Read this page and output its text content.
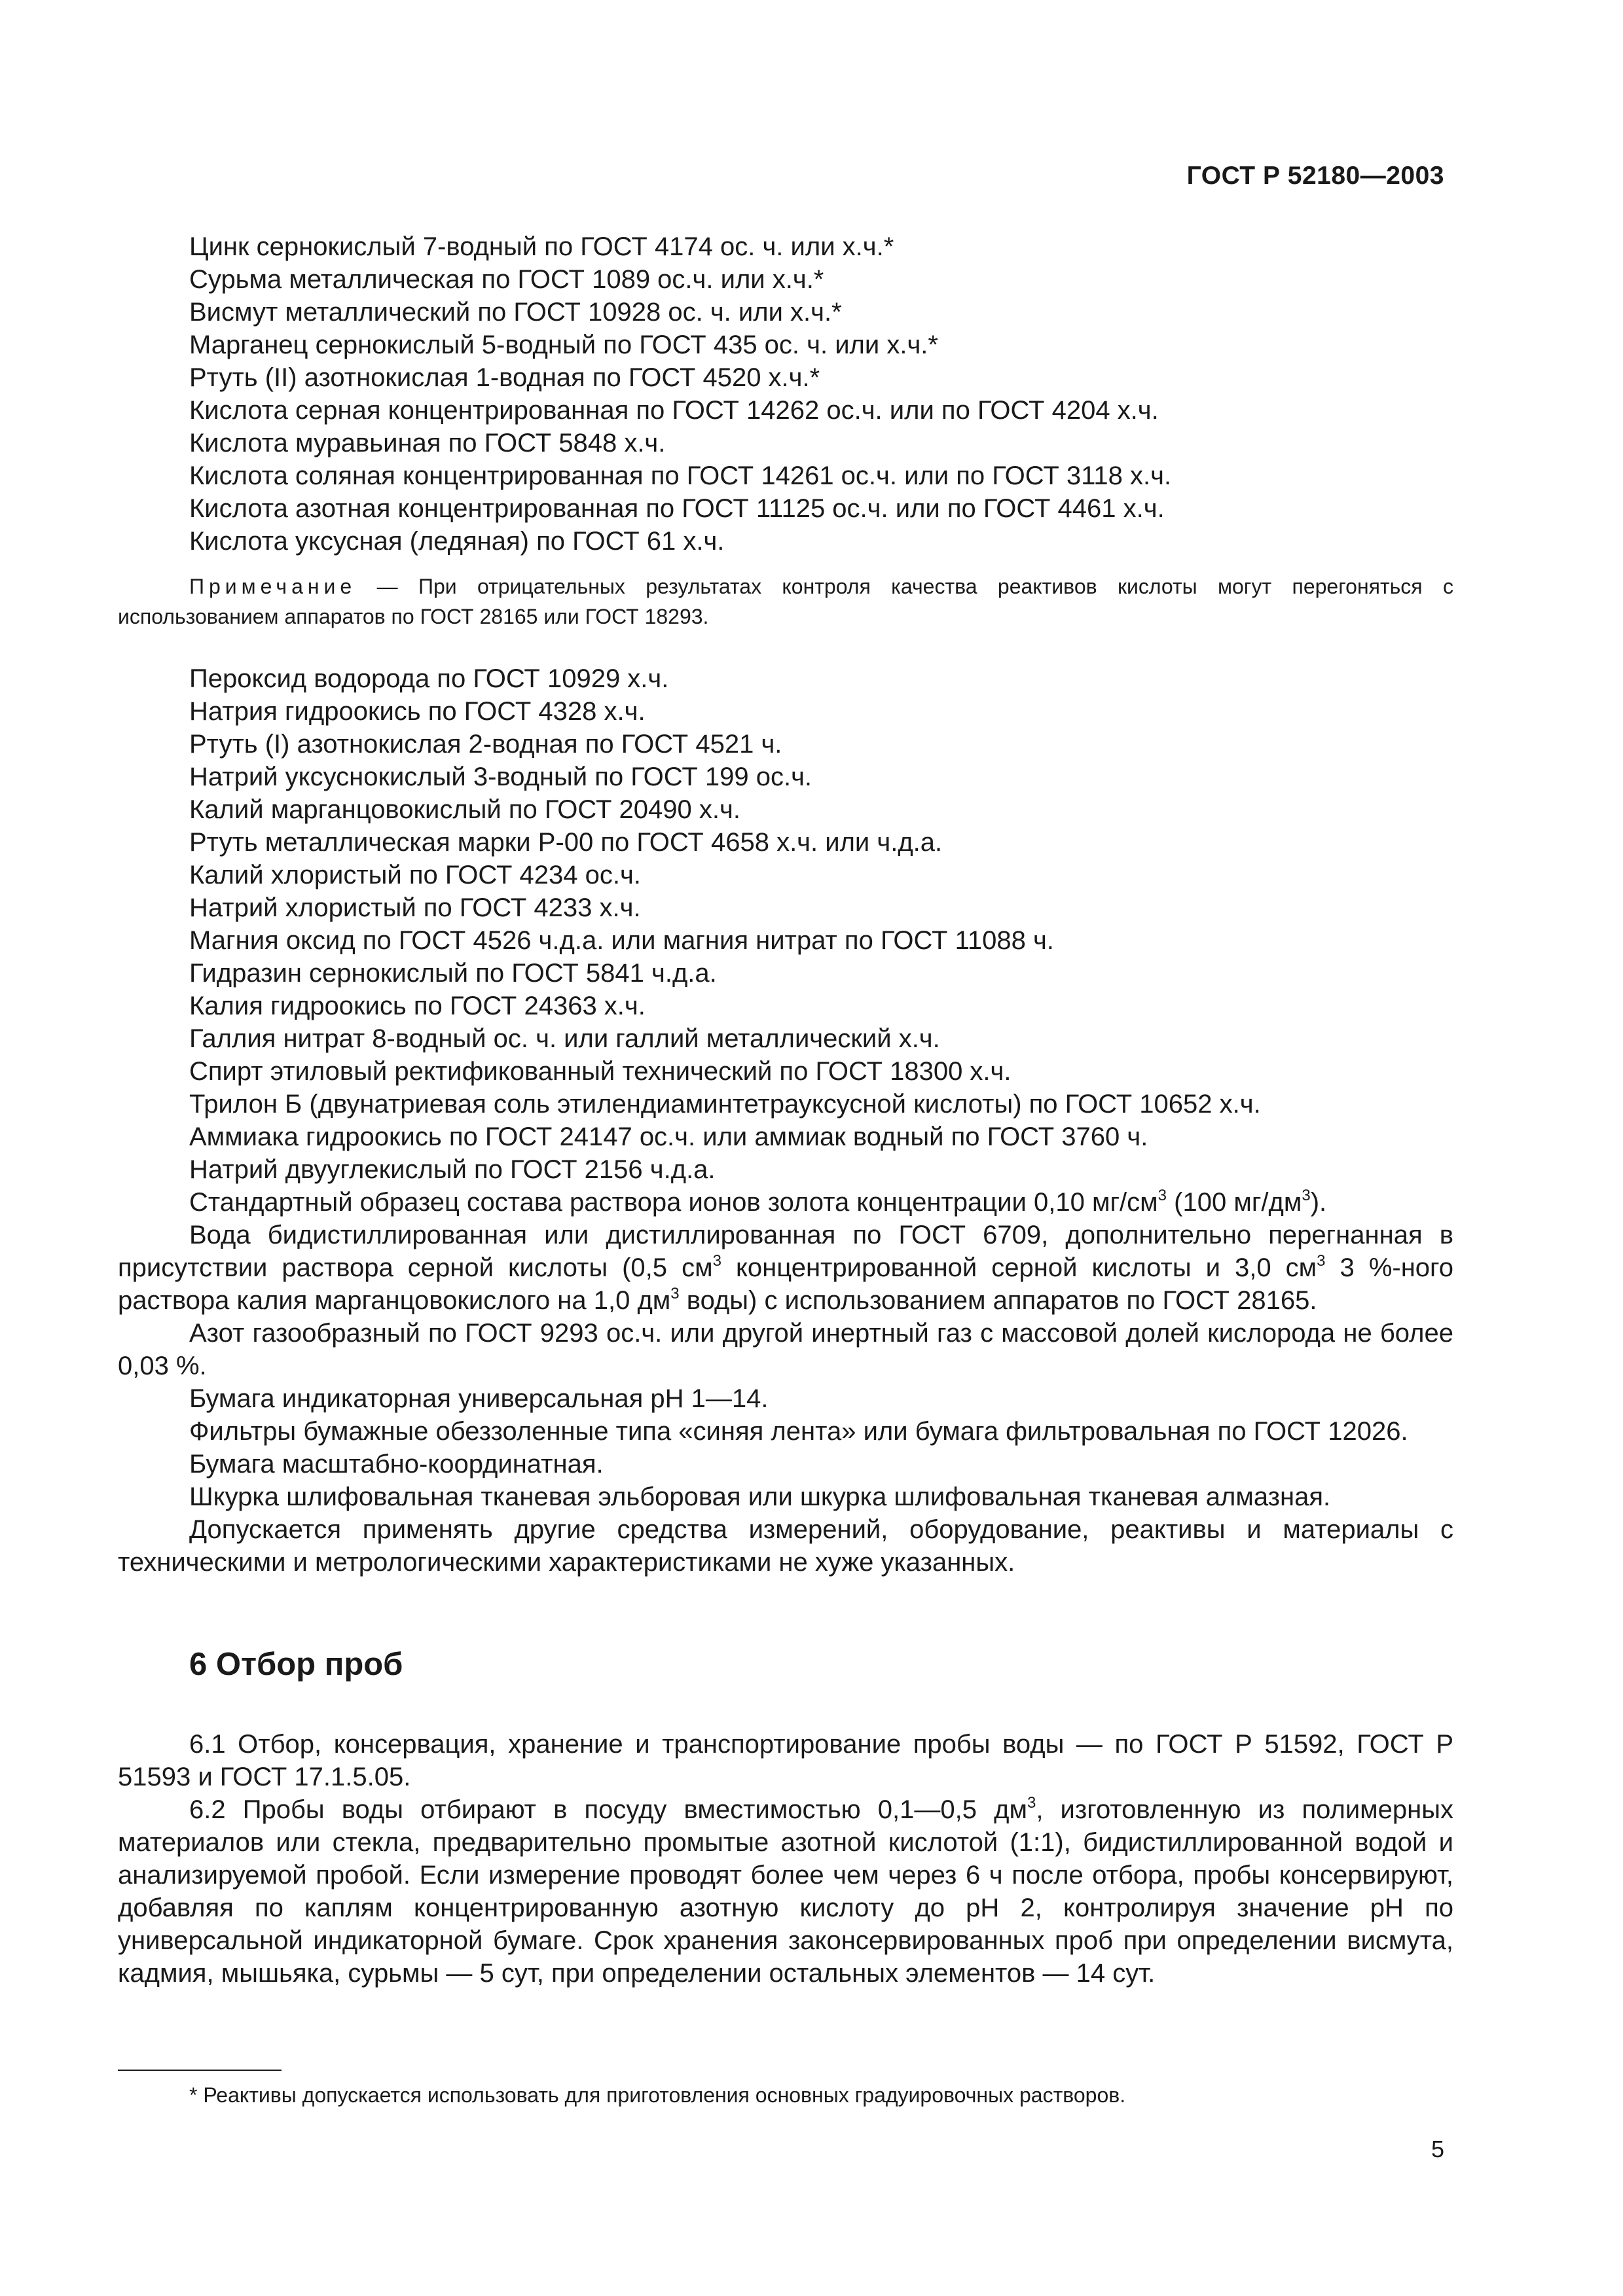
ГОСТ Р 52180—2003
Цинк сернокислый 7-водный по ГОСТ 4174 ос. ч. или х.ч.*
Сурьма металлическая по ГОСТ 1089 ос.ч. или х.ч.*
Висмут металлический по ГОСТ 10928 ос. ч. или х.ч.*
Марганец сернокислый 5-водный по ГОСТ 435 ос. ч. или х.ч.*
Ртуть (II) азотнокислая 1-водная по ГОСТ 4520 х.ч.*
Кислота серная концентрированная по ГОСТ 14262 ос.ч. или по ГОСТ 4204 х.ч.
Кислота муравьиная по ГОСТ 5848 х.ч.
Кислота соляная концентрированная по ГОСТ 14261 ос.ч. или по ГОСТ 3118 х.ч.
Кислота азотная концентрированная по ГОСТ 11125 ос.ч. или по ГОСТ 4461 х.ч.
Кислота уксусная (ледяная) по ГОСТ 61 х.ч.
Примечание — При отрицательных результатах контроля качества реактивов кислоты могут перегоняться с использованием аппаратов по ГОСТ 28165 или ГОСТ 18293.
Пероксид водорода по ГОСТ 10929 х.ч.
Натрия гидроокись по ГОСТ 4328 х.ч.
Ртуть (I) азотнокислая 2-водная по ГОСТ 4521 ч.
Натрий уксуснокислый 3-водный по ГОСТ 199 ос.ч.
Калий марганцовокислый по ГОСТ 20490 х.ч.
Ртуть металлическая марки Р-00 по ГОСТ 4658 х.ч. или ч.д.а.
Калий хлористый по ГОСТ 4234 ос.ч.
Натрий хлористый по ГОСТ 4233 х.ч.
Магния оксид по ГОСТ 4526 ч.д.а. или магния нитрат по ГОСТ 11088 ч.
Гидразин сернокислый по ГОСТ 5841 ч.д.а.
Калия гидроокись по ГОСТ 24363 х.ч.
Галлия нитрат 8-водный ос. ч. или галлий металлический х.ч.
Спирт этиловый ректификованный технический по ГОСТ 18300 х.ч.
Трилон Б (двунатриевая соль этилендиаминтетрауксусной кислоты) по ГОСТ 10652 х.ч.
Аммиака гидроокись по ГОСТ 24147 ос.ч. или аммиак водный по ГОСТ 3760 ч.
Натрий двууглекислый по ГОСТ 2156 ч.д.а.
Стандартный образец состава раствора ионов золота концентрации 0,10 $мг/см^3$ (100 $мг/дм^3$).
Вода бидистиллированная или дистиллированная по ГОСТ 6709, дополнительно перегнанная в присутствии раствора серной кислоты (0,5 $см^3$ концентрированной серной кислоты и 3,0 $см^3$ 3 %-ного раствора калия марганцовокислого на 1,0 $дм^3$ воды) с использованием аппаратов по ГОСТ 28165.
Азот газообразный по ГОСТ 9293 ос.ч. или другой инертный газ с массовой долей кислорода не более 0,03 %.
Бумага индикаторная универсальная рН 1—14.
Фильтры бумажные обеззоленные типа «синяя лента» или бумага фильтровальная по ГОСТ 12026.
Бумага масштабно-координатная.
Шкурка шлифовальная тканевая эльборовая или шкурка шлифовальная тканевая алмазная.
Допускается применять другие средства измерений, оборудование, реактивы и материалы с техническими и метрологическими характеристиками не хуже указанных.
6 Отбор проб
6.1 Отбор, консервация, хранение и транспортирование пробы воды — по ГОСТ Р 51592, ГОСТ Р 51593 и ГОСТ 17.1.5.05.
6.2 Пробы воды отбирают в посуду вместимостью 0,1—0,5 $дм^3$, изготовленную из полимерных материалов или стекла, предварительно промытые азотной кислотой (1:1), бидистиллированной водой и анализируемой пробой. Если измерение проводят более чем через 6 ч после отбора, пробы консервируют, добавляя по каплям концентрированную азотную кислоту до рН 2, контролируя значение рН по универсальной индикаторной бумаге. Срок хранения законсервированных проб при определении висмута, кадмия, мышьяка, сурьмы — 5 сут, при определении остальных элементов — 14 сут.
* Реактивы допускается использовать для приготовления основных градуировочных растворов.
5
